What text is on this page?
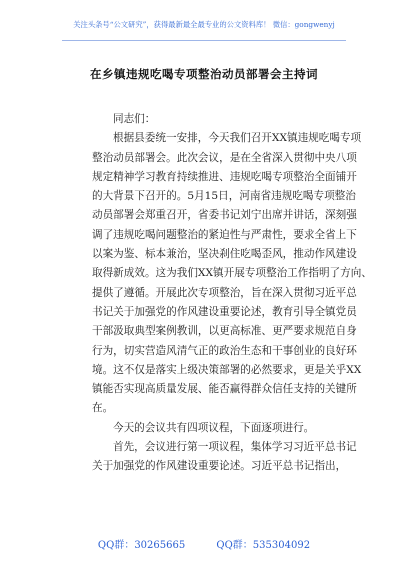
关注头条号“公文研究”，获得最新最全最专业的公文资料库！ 微信：gongwenyj
在乡镇违规吃喝专项整治动员部署会主持词
同志们：
根据县委统一安排，今天我们召开XX镇违规吃喝专项
整治动员部署会。此次会议，是在全省深入贯彻中央八项
规定精神学习教育持续推进、违规吃喝专项整治全面铺开
的大背景下召开的。5月15日，河南省违规吃喝专项整治
动员部署会郑重召开，省委书记刘宁出席并讲话，深刻强
调了违规吃喝问题整治的紧迫性与严肃性，要求全省上下
以案为鉴、标本兼治，坚决刹住吃喝歪风，推动作风建设
取得新成效。这为我们XX镇开展专项整治工作指明了方向、
提供了遵循。开展此次专项整治，旨在深入贯彻习近平总
书记关于加强党的作风建设重要论述，教育引导全镇党员
干部汲取典型案例教训，以更高标准、更严要求规范自身
行为，切实营造风清气正的政治生态和干事创业的良好环
境。这不仅是落实上级决策部署的必然要求，更是关乎XX
镇能否实现高质量发展、能否赢得群众信任支持的关键所
在。
今天的会议共有四项议程，下面逐项进行。
首先，会议进行第一项议程，集体学习习近平总书记
关于加强党的作风建设重要论述。习近平总书记指出，
QQ群：30265665	QQ群：535304092
